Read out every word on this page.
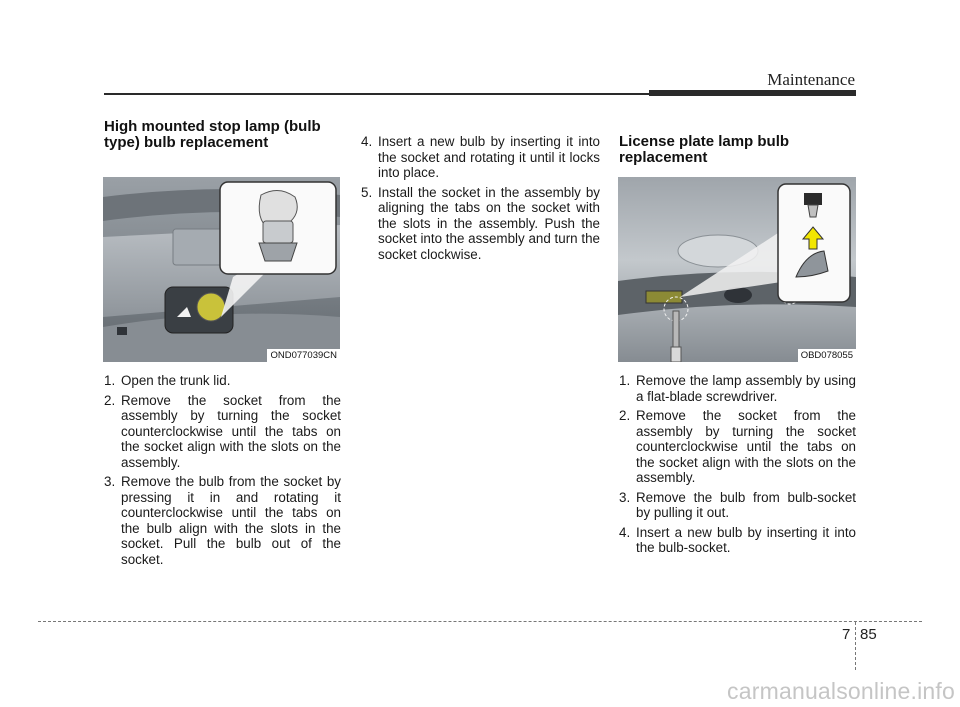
Maintenance
High mounted stop lamp (bulb
type) bulb replacement
OND077039CN
1. Open the trunk lid.
2. Remove the socket from the assembly by turning the socket counterclockwise until the tabs on the socket align with the slots on the assembly.
3. Remove the bulb from the socket by pressing it in and rotating it counterclockwise until the tabs on the bulb align with the slots in the socket. Pull the bulb out of the socket.
4. Insert a new bulb by inserting it into the socket and rotating it until it locks into place.
5. Install the socket in the assembly by aligning the tabs on the socket with the slots in the assembly. Push the socket into the assembly and turn the socket clockwise.
License plate lamp bulb
replacement
OBD078055
1. Remove the lamp assembly by using a flat-blade screwdriver.
2. Remove the socket from the assembly by turning the socket counterclockwise until the tabs on the socket align with the slots on the assembly.
3. Remove the bulb from bulb-socket by pulling it out.
4. Insert a new bulb by inserting it into the bulb-socket.
7 85
carmanualsonline.info
